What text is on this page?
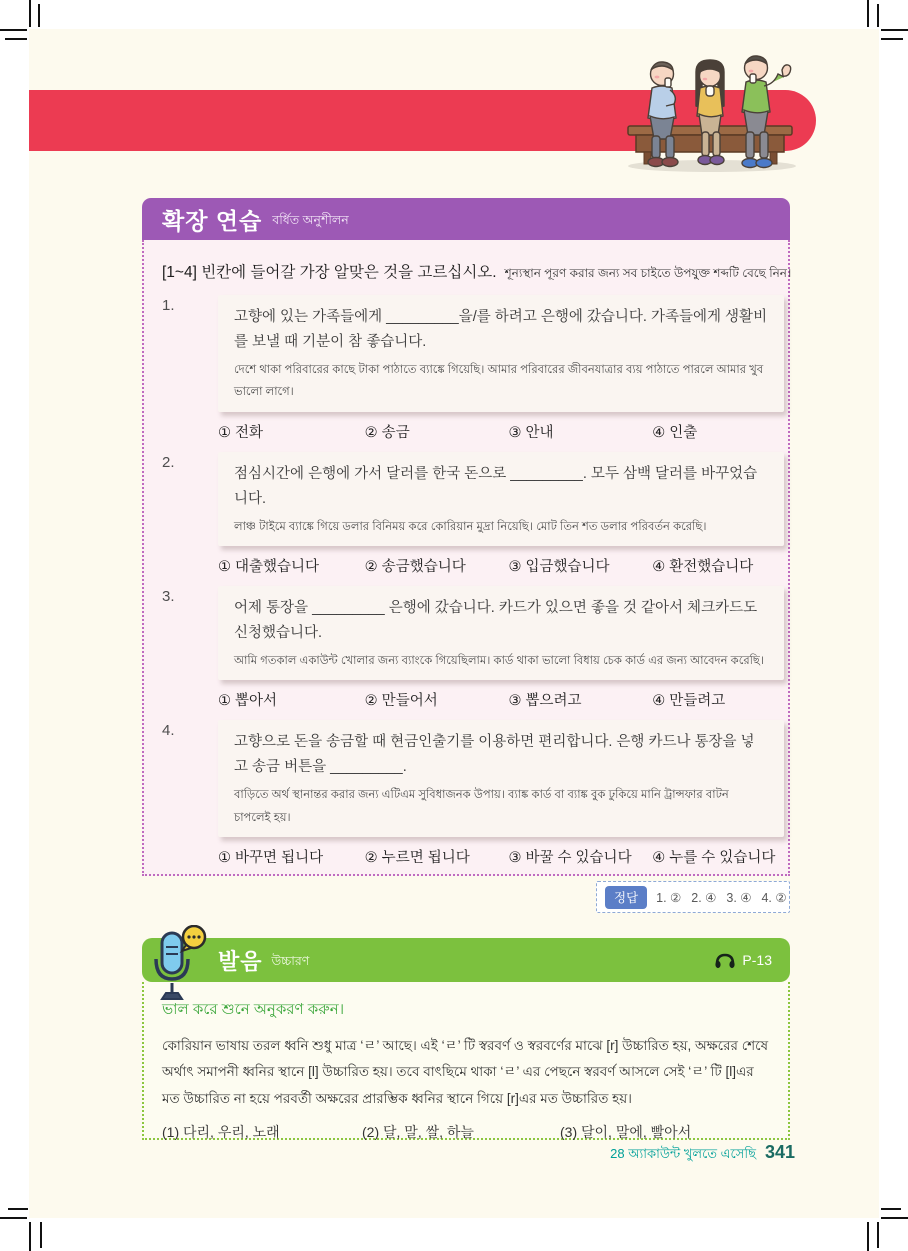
확장 연습 বর্ধিত অনুশীলন
[1~4] 빈칸에 들어갈 가장 알맞은 것을 고르십시오. শূন্যস্থান পূরণ করার জন্য সব চাইতে উপযুক্ত শব্দটি বেছে নিন।
1.
고향에 있는 가족들에게 _________을/를 하려고 은행에 갔습니다. 가족들에게 생활비를 보낼 때 기분이 참 좋습니다.
দেশে থাকা পরিবারের কাছে টাকা পাঠাতে ব্যাঙ্কে গিয়েছি। আমার পরিবারের জীবনযাত্রার ব্যয় পাঠাতে পারলে আমার খুব ভালো লাগে।
① 전화	② 송금	③ 안내	④ 인출
2.
점심시간에 은행에 가서 달러를 한국 돈으로 _________. 모두 삼백 달러를 바꾸었습니다.
লাঞ্চ টাইমে ব্যাঙ্কে গিয়ে ডলার বিনিময় করে কোরিয়ান মুদ্রা নিয়েছি। মোট তিন শত ডলার পরিবর্তন করেছি।
① 대출했습니다	② 송금했습니다	③ 입금했습니다	④ 환전했습니다
3.
어제 통장을 _________ 은행에 갔습니다. 카드가 있으면 좋을 것 같아서 체크카드도 신청했습니다.
আমি গতকাল একাউন্ট খোলার জন্য ব্যাংকে গিয়েছিলাম। কার্ড থাকা ভালো বিধায় চেক কার্ড এর জন্য আবেদন করেছি।
① 뽑아서	② 만들어서	③ 뽑으려고	④ 만들려고
4.
고향으로 돈을 송금할 때 현금인출기를 이용하면 편리합니다. 은행 카드나 통장을 넣고 송금 버튼을 _________.
বাড়িতে অর্থ স্থানান্তর করার জন্য এটিএম সুবিধাজনক উপায়। ব্যাঙ্ক কার্ড বা ব্যাঙ্ক বুক ঢুকিয়ে মানি ট্রান্সফার বাটন চাপলেই হয়।
① 바꾸면 됩니다	② 누르면 됩니다	③ 바꿀 수 있습니다	④ 누를 수 있습니다
정답	1. ② 2. ④ 3. ④ 4. ②
발음 উচ্চারণ	P-13
ভাল করে শুনে অনুকরণ করুন।
কোরিয়ান ভাষায় তরল ধ্বনি শুধু মাত্র ‘ㄹ’ আছে। এই ‘ㄹ’ টি স্বরবর্ণ ও স্বরবর্ণের মাঝে [r] উচ্চারিত হয়, অক্ষরের শেষে অর্থাৎ সমাপনী ধ্বনির স্থানে [l] উচ্চারিত হয়। তবে বাৎছিমে থাকা ‘ㄹ’ এর পেছনে স্বরবর্ণ আসলে সেই ‘ㄹ’ টি [l]এর মত উচ্চারিত না হয়ে পরবর্তী অক্ষরের প্রারম্ভিক ধ্বনির স্থানে গিয়ে [r]এর মত উচ্চারিত হয়।
(1) 다리, 우리, 노래	(2) 달, 말, 쌀, 하늘	(3) 달이, 말에, 빨아서
28 অ্যাকাউন্ট খুলতে এসেছি 341
